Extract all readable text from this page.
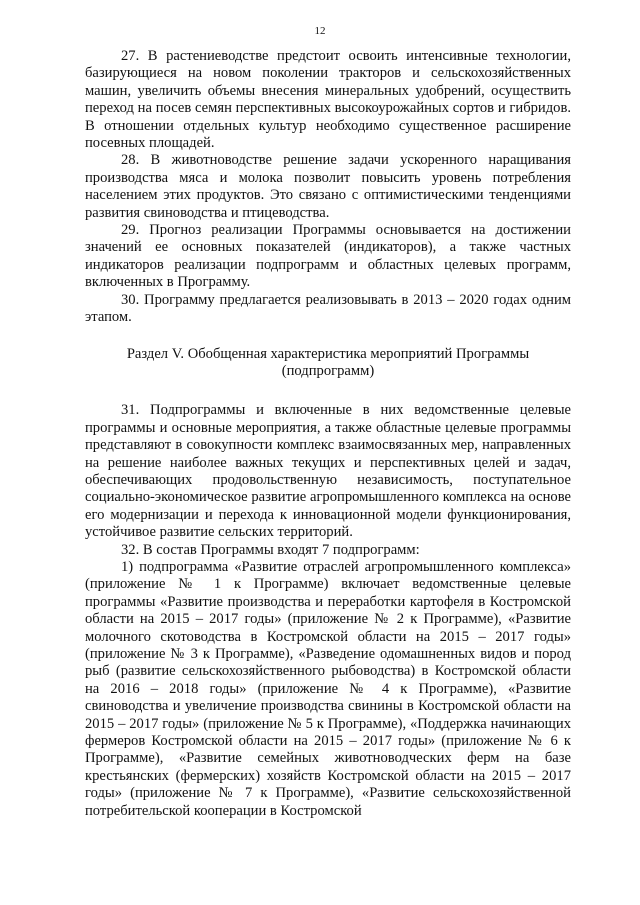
12

27. В растениеводстве предстоит освоить интенсивные технологии, базирующиеся на новом поколении тракторов и сельскохозяйственных машин, увеличить объемы внесения минеральных удобрений, осуществить переход на посев семян перспективных высокоурожайных сортов и гибридов. В отношении отдельных культур необходимо существенное расширение посевных площадей.

28. В животноводстве решение задачи ускоренного наращивания производства мяса и молока позволит повысить уровень потребления населением этих продуктов. Это связано с оптимистическими тенденциями развития свиноводства и птицеводства.

29. Прогноз реализации Программы основывается на достижении значений ее основных показателей (индикаторов), а также частных индикаторов реализации подпрограмм и областных целевых программ, включенных в Программу.

30. Программу предлагается реализовывать в 2013 – 2020 годах одним этапом.

Раздел V. Обобщенная характеристика мероприятий Программы
(подпрограмм)

31. Подпрограммы и включенные в них ведомственные целевые программы и основные мероприятия, а также областные целевые программы представляют в совокупности комплекс взаимосвязанных мер, направленных на решение наиболее важных текущих и перспективных целей и задач, обеспечивающих продовольственную независимость, поступательное социально-экономическое развитие агропромышленного комплекса на основе его модернизации и перехода к инновационной модели функционирования, устойчивое развитие сельских территорий.

32. В состав Программы входят 7 подпрограмм:

1) подпрограмма «Развитие отраслей агропромышленного комплекса» (приложение № 1 к Программе) включает ведомственные целевые программы «Развитие производства и переработки картофеля в Костромской области на 2015 – 2017 годы» (приложение № 2 к Программе), «Развитие молочного скотоводства в Костромской области на 2015 – 2017 годы» (приложение № 3 к Программе), «Разведение одомашненных видов и пород рыб (развитие сельскохозяйственного рыбоводства) в Костромской области на 2016 – 2018 годы» (приложение № 4 к Программе), «Развитие свиноводства и увеличение производства свинины в Костромской области на 2015 – 2017 годы» (приложение № 5 к Программе), «Поддержка начинающих фермеров Костромской области на 2015 – 2017 годы» (приложение № 6 к Программе), «Развитие семейных животноводческих ферм на базе крестьянских (фермерских) хозяйств Костромской области на 2015 – 2017 годы» (приложение № 7 к Программе), «Развитие сельскохозяйственной потребительской кооперации в Костромской
